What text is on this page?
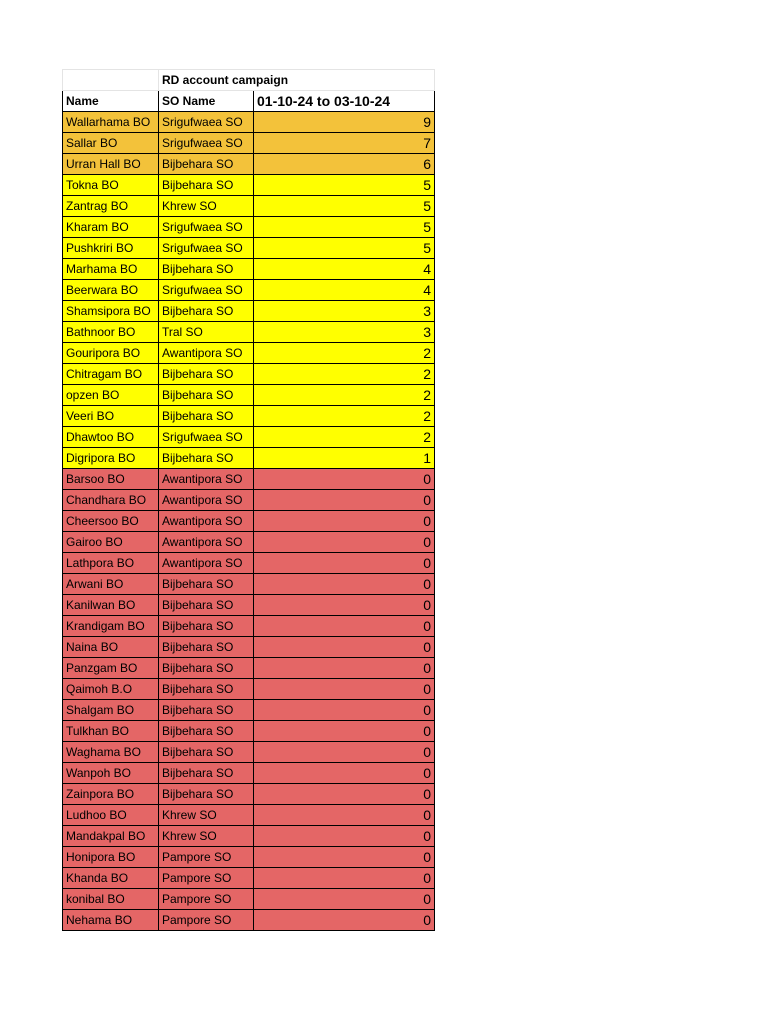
	RD account campaign	
Name	SO Name	01-10-24 to 03-10-24
Wallarhama BO	Srigufwaea SO	9
Sallar BO	Srigufwaea SO	7
Urran Hall BO	Bijbehara SO	6
Tokna BO	Bijbehara SO	5
Zantrag BO	Khrew SO	5
Kharam BO	Srigufwaea SO	5
Pushkriri BO	Srigufwaea SO	5
Marhama BO	Bijbehara SO	4
Beerwara BO	Srigufwaea SO	4
Shamsipora BO	Bijbehara SO	3
Bathnoor BO	Tral SO	3
Gouripora BO	Awantipora SO	2
Chitragam BO	Bijbehara SO	2
opzen BO	Bijbehara SO	2
Veeri BO	Bijbehara SO	2
Dhawtoo BO	Srigufwaea SO	2
Digripora BO	Bijbehara SO	1
Barsoo BO	Awantipora SO	0
Chandhara BO	Awantipora SO	0
Cheersoo BO	Awantipora SO	0
Gairoo BO	Awantipora SO	0
Lathpora BO	Awantipora SO	0
Arwani BO	Bijbehara SO	0
Kanilwan BO	Bijbehara SO	0
Krandigam BO	Bijbehara SO	0
Naina BO	Bijbehara SO	0
Panzgam BO	Bijbehara SO	0
Qaimoh B.O	Bijbehara SO	0
Shalgam BO	Bijbehara SO	0
Tulkhan BO	Bijbehara SO	0
Waghama BO	Bijbehara SO	0
Wanpoh BO	Bijbehara SO	0
Zainpora BO	Bijbehara SO	0
Ludhoo BO	Khrew SO	0
Mandakpal BO	Khrew SO	0
Honipora BO	Pampore SO	0
Khanda BO	Pampore SO	0
konibal BO	Pampore SO	0
Nehama BO	Pampore SO	0
